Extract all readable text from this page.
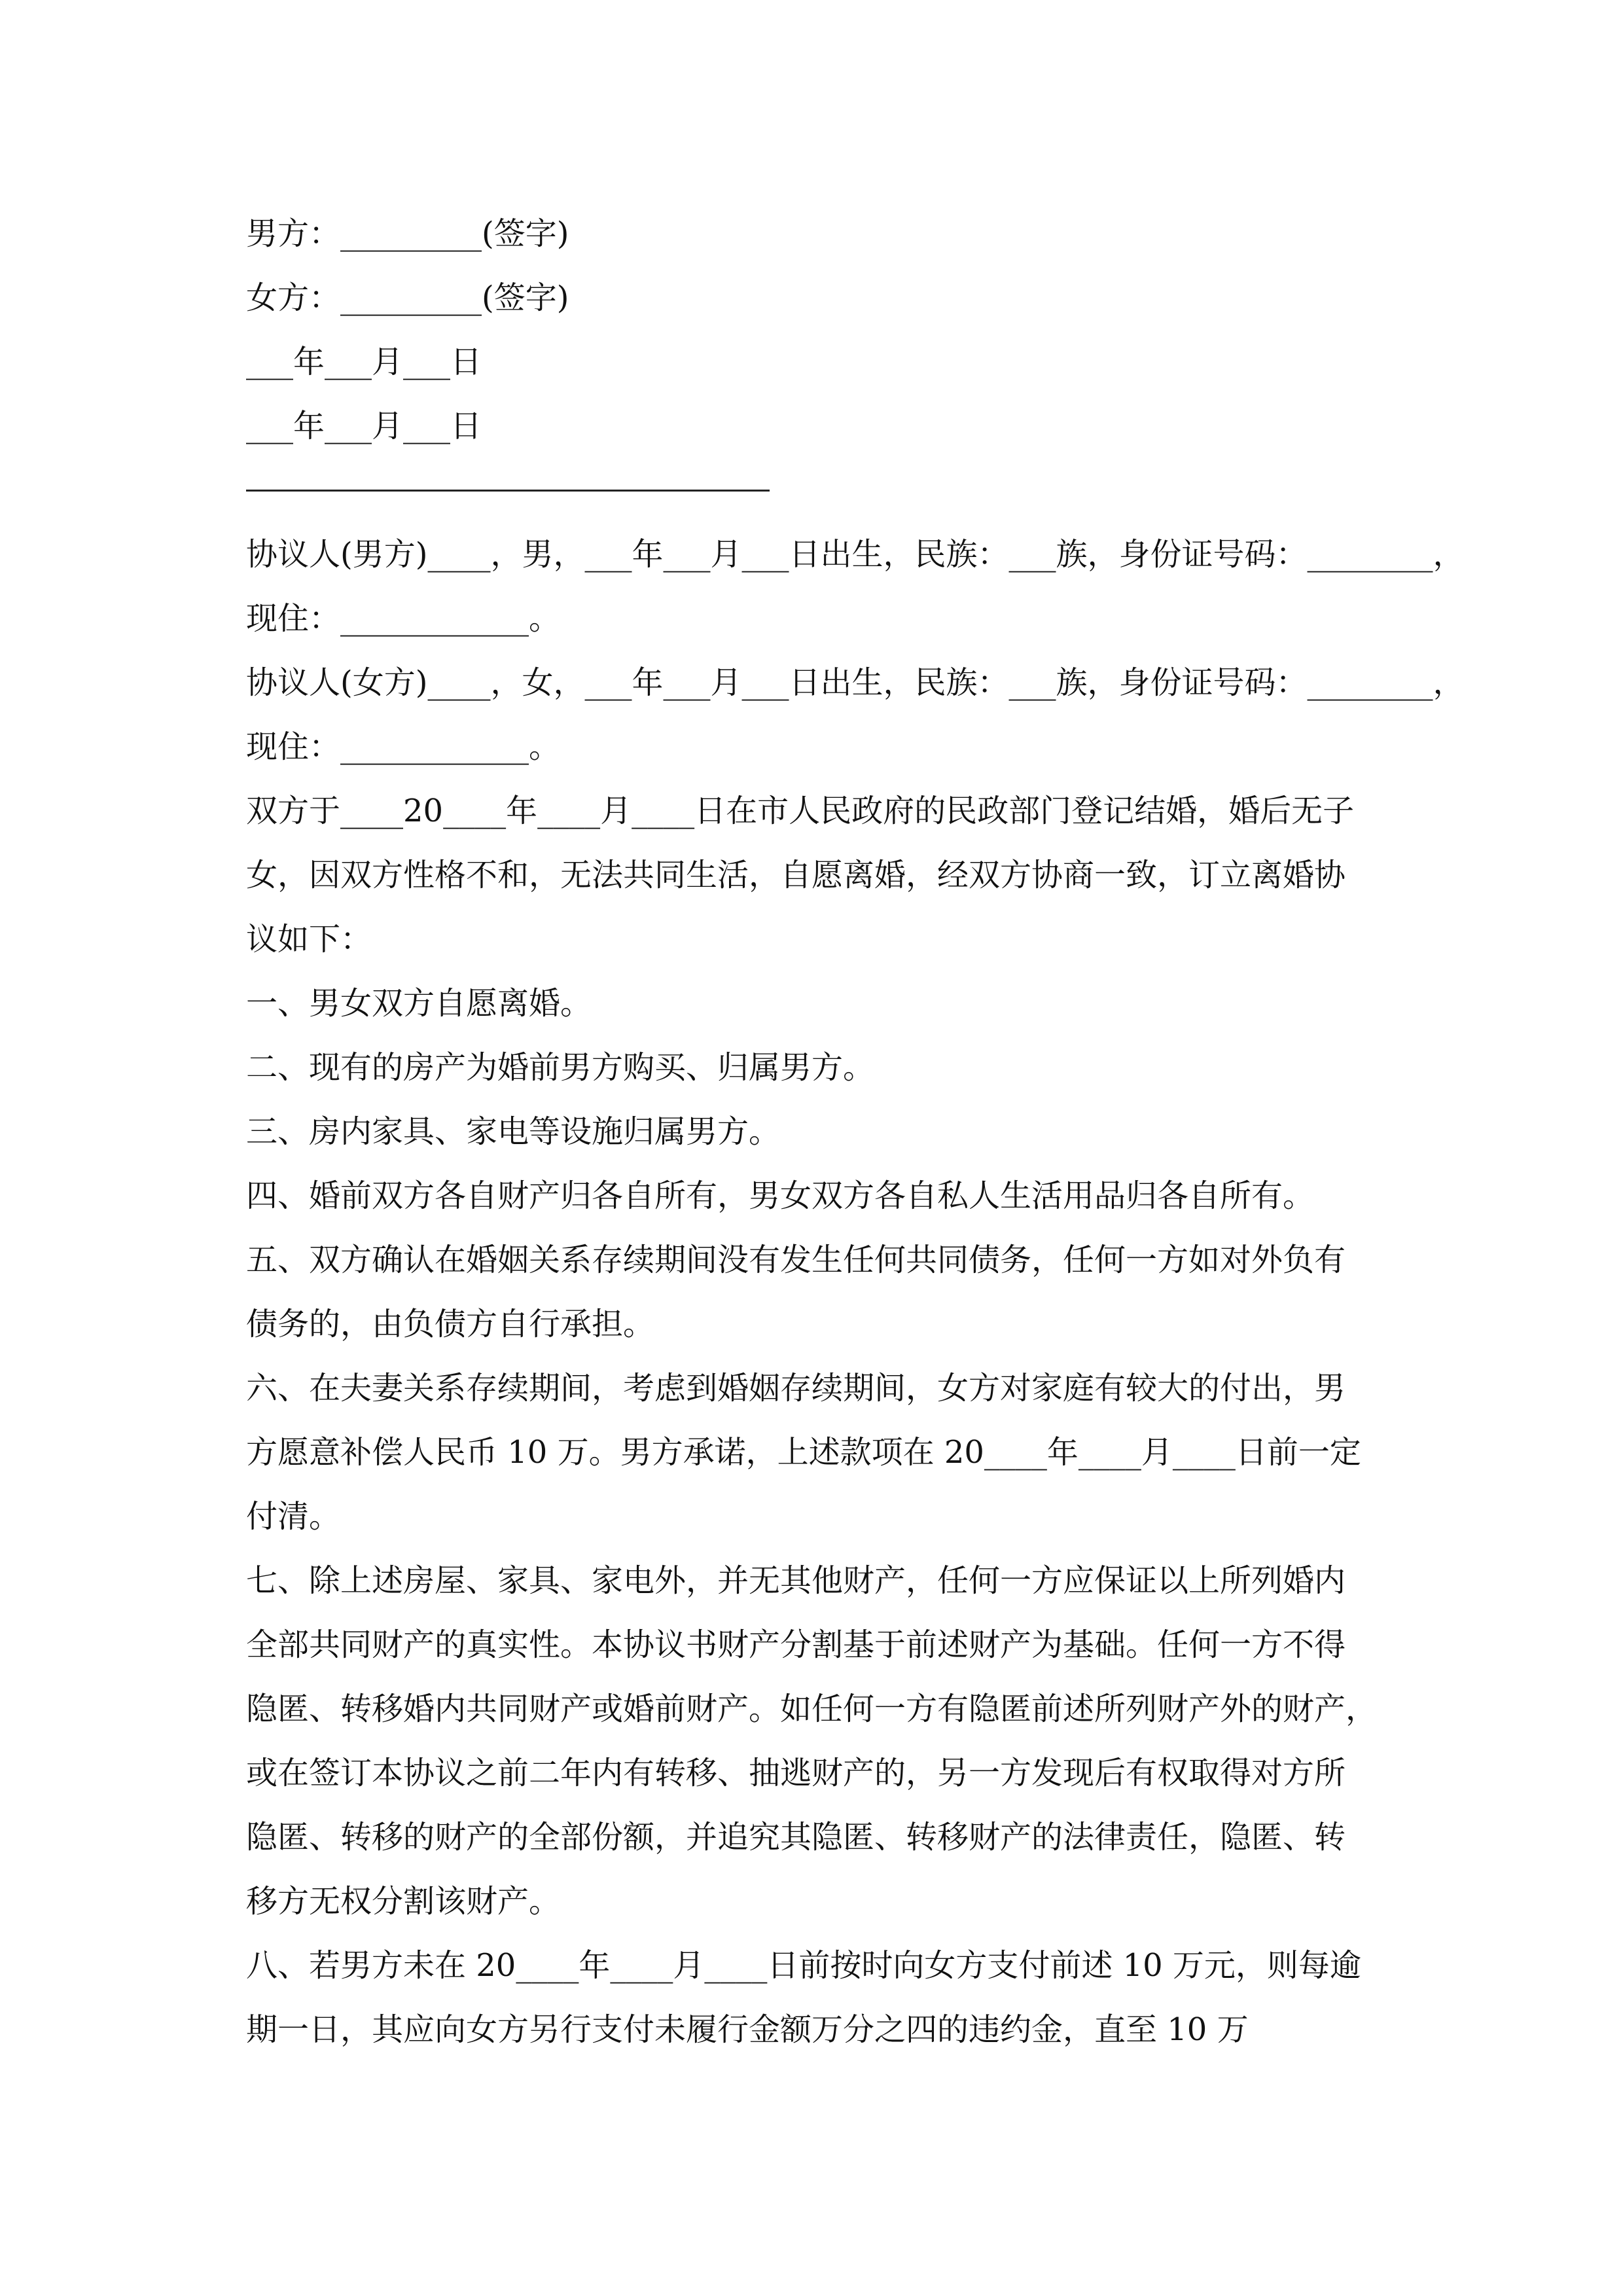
男方：_________(签字)
女方：_________(签字)
___年___月___日
___年___月___日
协议人(男方)____，男，___年___月___日出生，民族：___族，身份证号码：________，
现住：____________。
协议人(女方)____，女，___年___月___日出生，民族：___族，身份证号码：________，
现住：____________。
双方于____20____年____月____日在市人民政府的民政部门登记结婚，婚后无子
女，因双方性格不和，无法共同生活，自愿离婚，经双方协商一致，订立离婚协
议如下：
一、男女双方自愿离婚。
二、现有的房产为婚前男方购买、归属男方。
三、房内家具、家电等设施归属男方。
四、婚前双方各自财产归各自所有，男女双方各自私人生活用品归各自所有。
五、双方确认在婚姻关系存续期间没有发生任何共同债务，任何一方如对外负有
债务的，由负债方自行承担。
六、在夫妻关系存续期间，考虑到婚姻存续期间，女方对家庭有较大的付出，男
方愿意补偿人民币 10 万。男方承诺，上述款项在 20____年____月____日前一定
付清。
七、除上述房屋、家具、家电外，并无其他财产，任何一方应保证以上所列婚内
全部共同财产的真实性。本协议书财产分割基于前述财产为基础。任何一方不得
隐匿、转移婚内共同财产或婚前财产。如任何一方有隐匿前述所列财产外的财产，
或在签订本协议之前二年内有转移、抽逃财产的，另一方发现后有权取得对方所
隐匿、转移的财产的全部份额，并追究其隐匿、转移财产的法律责任，隐匿、转
移方无权分割该财产。
八、若男方未在 20____年____月____日前按时向女方支付前述 10 万元，则每逾
期一日，其应向女方另行支付未履行金额万分之四的违约金，直至 10 万
